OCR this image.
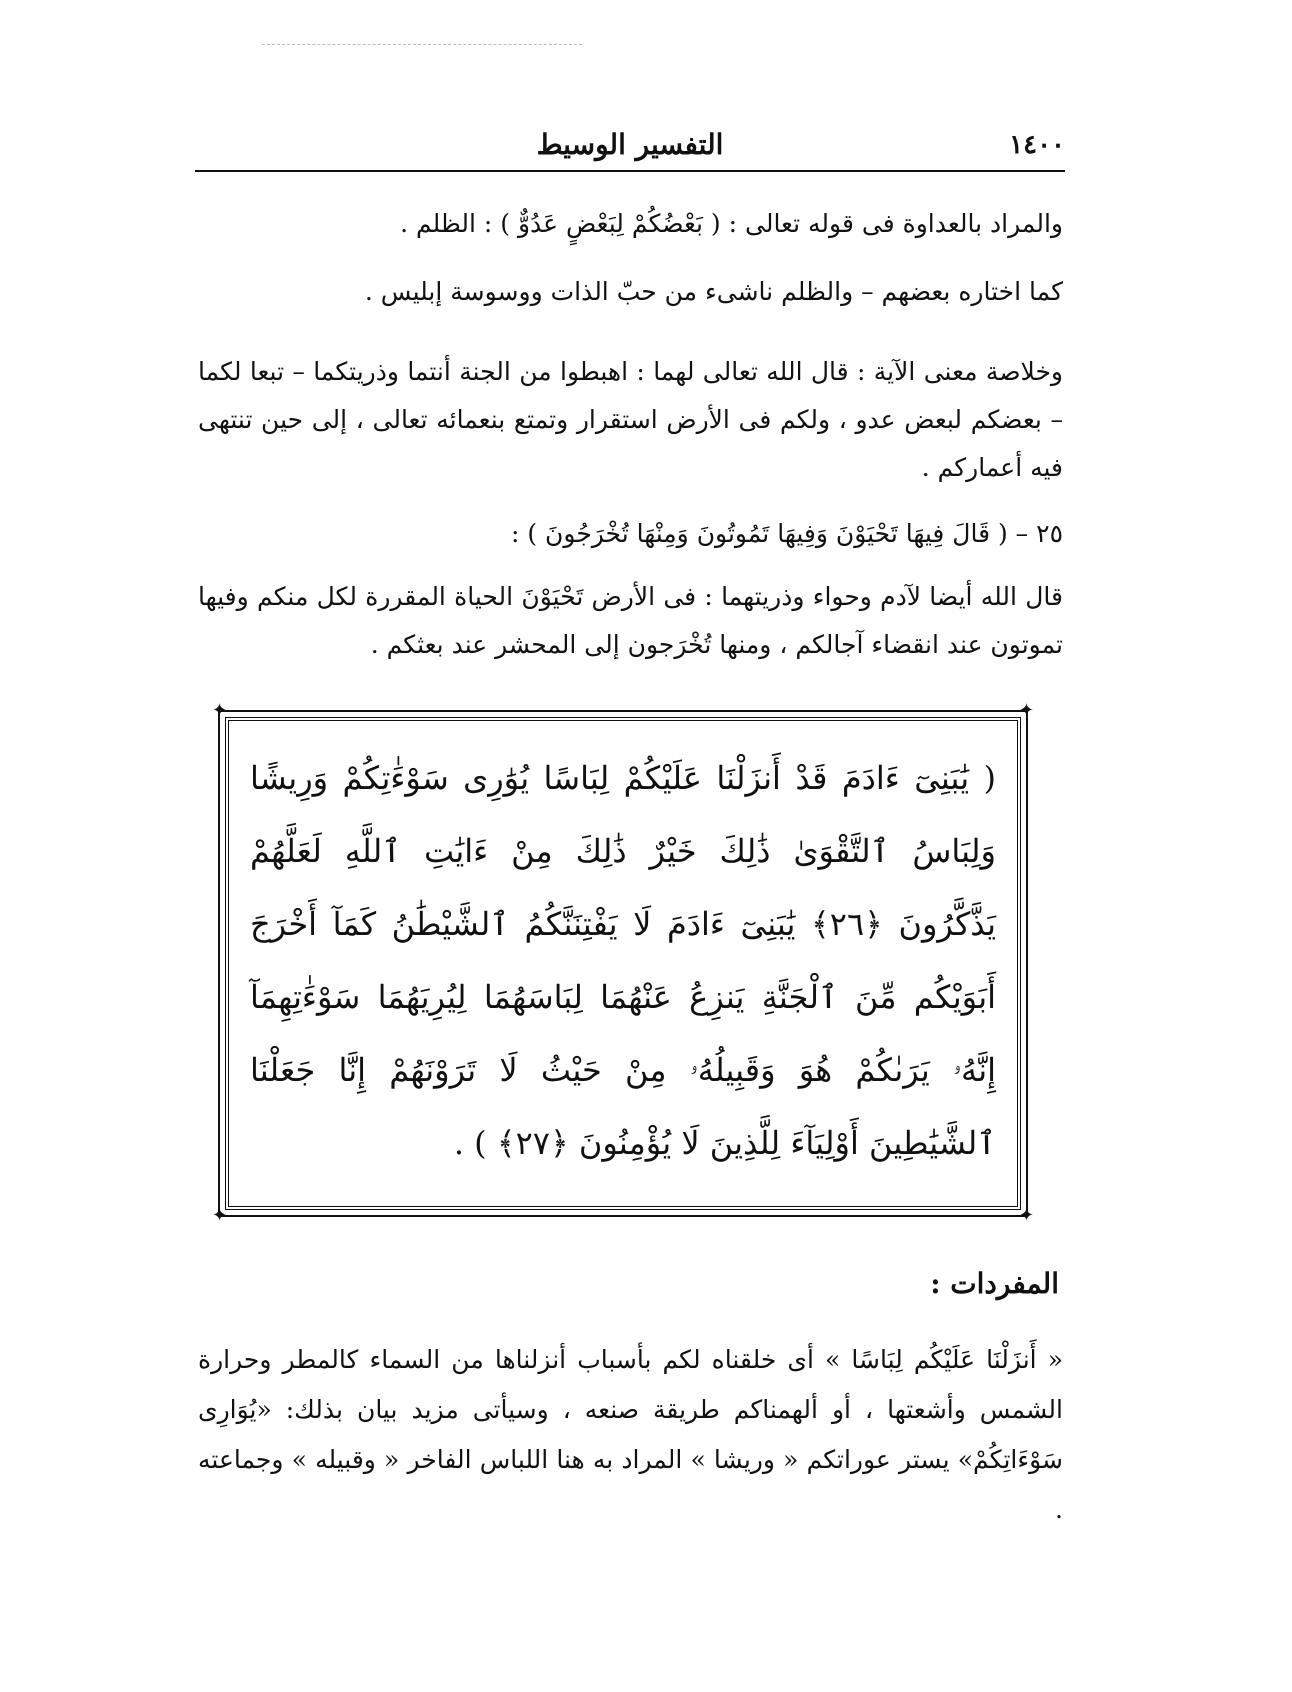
التفسير الوسيط	١٤٠٠
والمراد بالعداوة فى قوله تعالى : ( بَعْضُكُمْ لِبَعْضٍ عَدُوٌّ ) : الظلم .
كما اختاره بعضهم – والظلم ناشىء من حبّ الذات ووسوسة إبليس .
وخلاصة معنى الآية : قال الله تعالى لهما : اهبطوا من الجنة أنتما وذريتكما – تبعا لكما – بعضكم لبعض عدو ، ولكم فى الأرض استقرار وتمتع بنعمائه تعالى ، إلى حين تنتهى فيه أعماركم .
٢٥ – ( قَالَ فِيهَا تَحْيَوْنَ وَفِيهَا تَمُوتُونَ وَمِنْهَا تُخْرَجُونَ ) :
قال الله أيضا لآدم وحواء وذريتهما : فى الأرض تَحْيَوْنَ الحياة المقررة لكل منكم وفيها تموتون عند انقضاء آجالكم ، ومنها تُخْرَجون إلى المحشر عند بعثكم .
✦	✦
✦	✦
( يَٰبَنِىٓ ءَادَمَ قَدْ أَنزَلْنَا عَلَيْكُمْ لِبَاسًا يُوَٰرِى سَوْءَٰتِكُمْ وَرِيشًا وَلِبَاسُ ٱلتَّقْوَىٰ ذَٰلِكَ خَيْرٌ ذَٰلِكَ مِنْ ءَايَٰتِ ٱللَّهِ لَعَلَّهُمْ يَذَّكَّرُونَ ﴿٢٦﴾ يَٰبَنِىٓ ءَادَمَ لَا يَفْتِنَنَّكُمُ ٱلشَّيْطَٰنُ كَمَآ أَخْرَجَ أَبَوَيْكُم مِّنَ ٱلْجَنَّةِ يَنزِعُ عَنْهُمَا لِبَاسَهُمَا لِيُرِيَهُمَا سَوْءَٰتِهِمَآ إِنَّهُۥ يَرَىٰكُمْ هُوَ وَقَبِيلُهُۥ مِنْ حَيْثُ لَا تَرَوْنَهُمْ إِنَّا جَعَلْنَا ٱلشَّيَٰطِينَ أَوْلِيَآءَ لِلَّذِينَ لَا يُؤْمِنُونَ ﴿٢٧﴾ ) .
المفردات :
« أَنزَلْنَا عَلَيْكُم لِبَاسًا » أى خلقناه لكم بأسباب أنزلناها من السماء كالمطر وحرارة الشمس وأشعتها ، أو ألهمناكم طريقة صنعه ، وسيأتى مزيد بيان بذلك: «يُوَارِى سَوْءَاتِكُمْ» يستر عوراتكم « وريشا » المراد به هنا اللباس الفاخر « وقبيله » وجماعته .
